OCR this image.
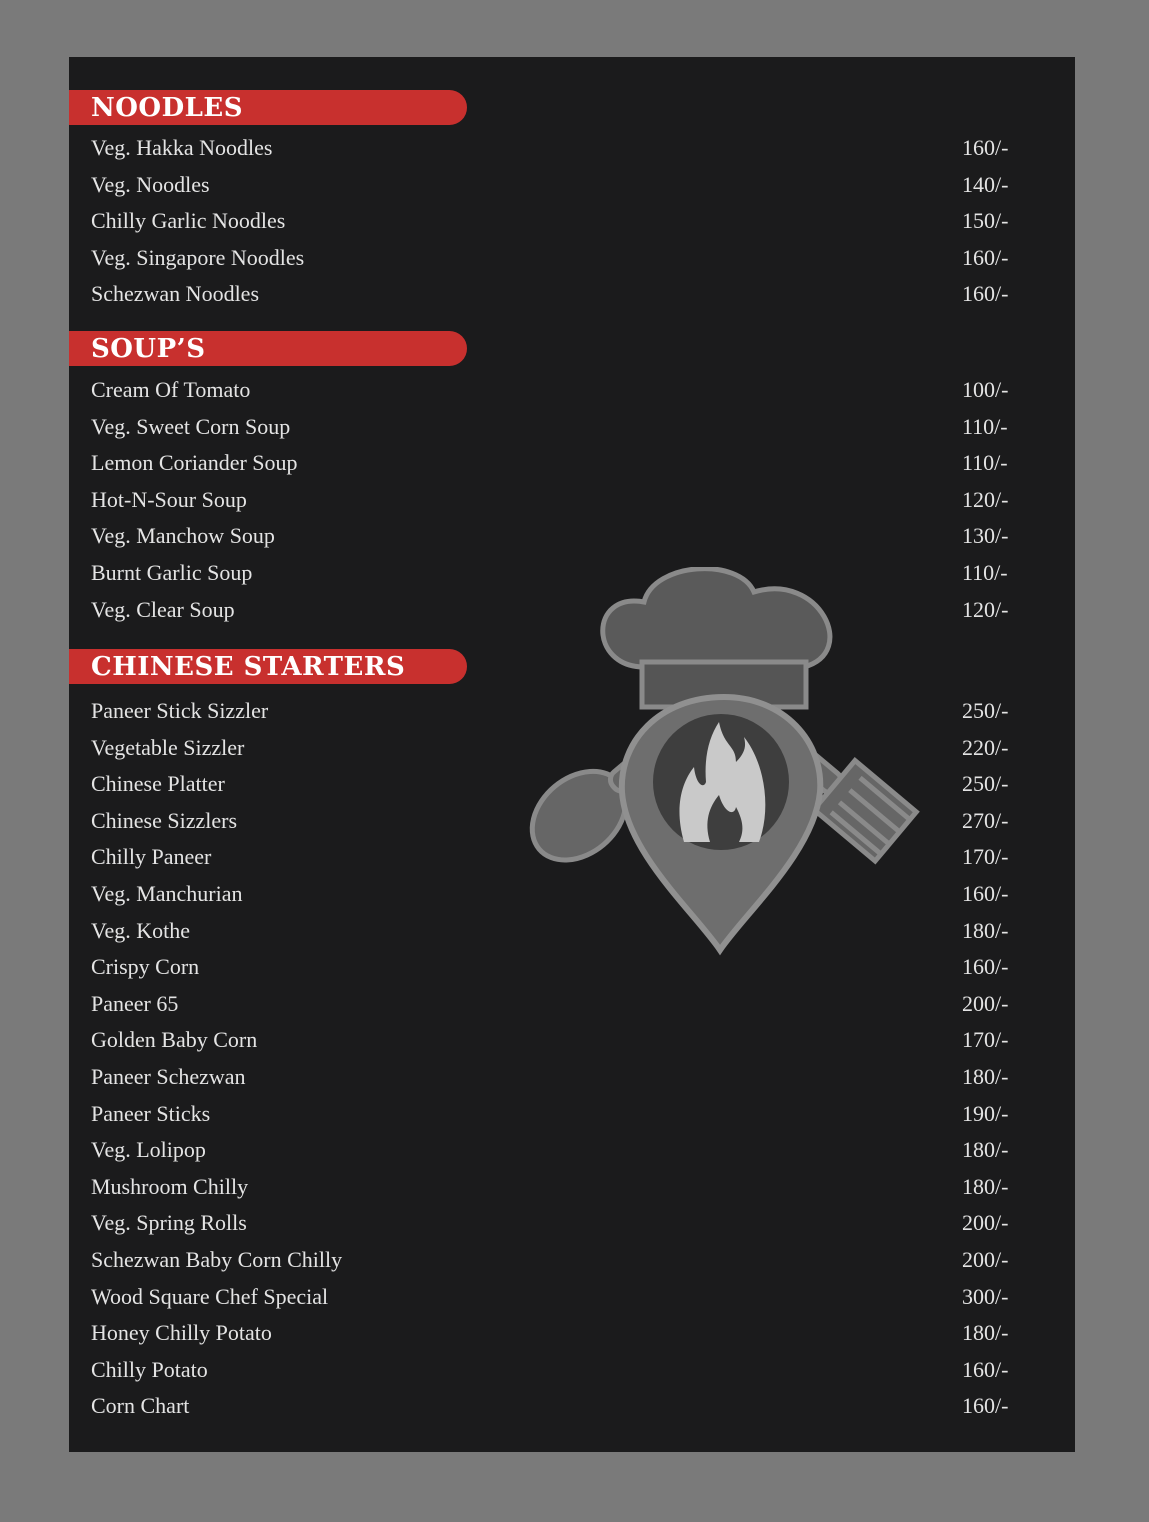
NOODLES
Veg. Hakka Noodles	160/-
Veg. Noodles	140/-
Chilly Garlic Noodles	150/-
Veg. Singapore Noodles	160/-
Schezwan Noodles	160/-
SOUP’S
Cream Of Tomato	100/-
Veg. Sweet Corn Soup	110/-
Lemon Coriander Soup	110/-
Hot-N-Sour Soup	120/-
Veg. Manchow Soup	130/-
Burnt Garlic Soup	110/-
Veg. Clear Soup	120/-
CHINESE STARTERS
Paneer Stick Sizzler	250/-
Vegetable Sizzler	220/-
Chinese Platter	250/-
Chinese Sizzlers	270/-
Chilly Paneer	170/-
Veg. Manchurian	160/-
Veg. Kothe	180/-
Crispy Corn	160/-
Paneer 65	200/-
Golden Baby Corn	170/-
Paneer Schezwan	180/-
Paneer Sticks	190/-
Veg. Lolipop	180/-
Mushroom Chilly	180/-
Veg. Spring Rolls	200/-
Schezwan Baby Corn Chilly	200/-
Wood Square Chef Special	300/-
Honey Chilly Potato	180/-
Chilly Potato	160/-
Corn Chart	160/-
